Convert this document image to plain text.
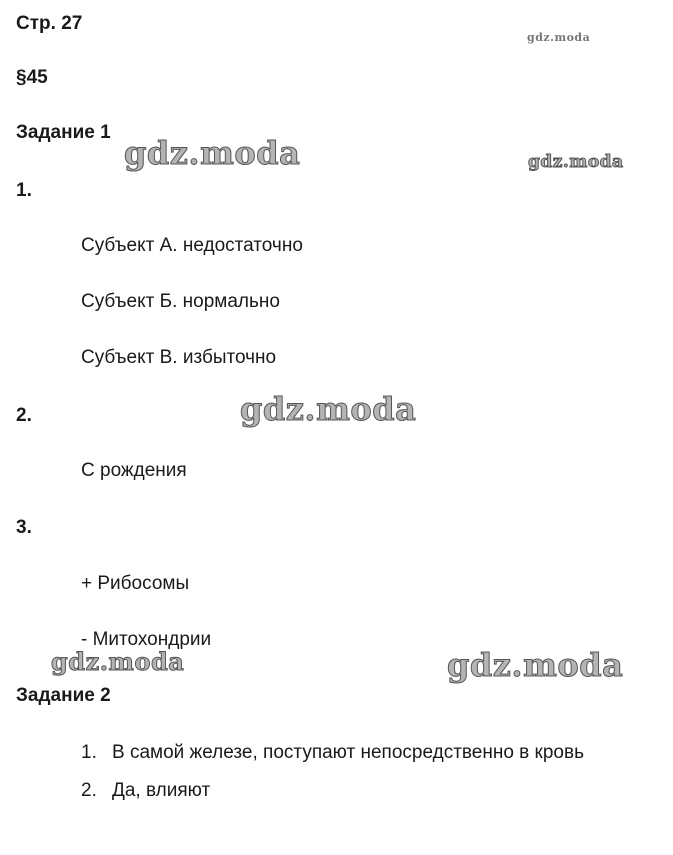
gdz.moda
gdz.moda	gdz.moda
gdz.moda
gdz.moda	gdz.moda
Стр. 27
§45
Задание 1
1.
Субъект А. недостаточно
Субъект Б. нормально
Субъект В. избыточно
2.
С рождения
3.
+ Рибосомы
- Митохондрии
Задание 2
1. В самой железе, поступают непосредственно в кровь
2. Да, влияют
